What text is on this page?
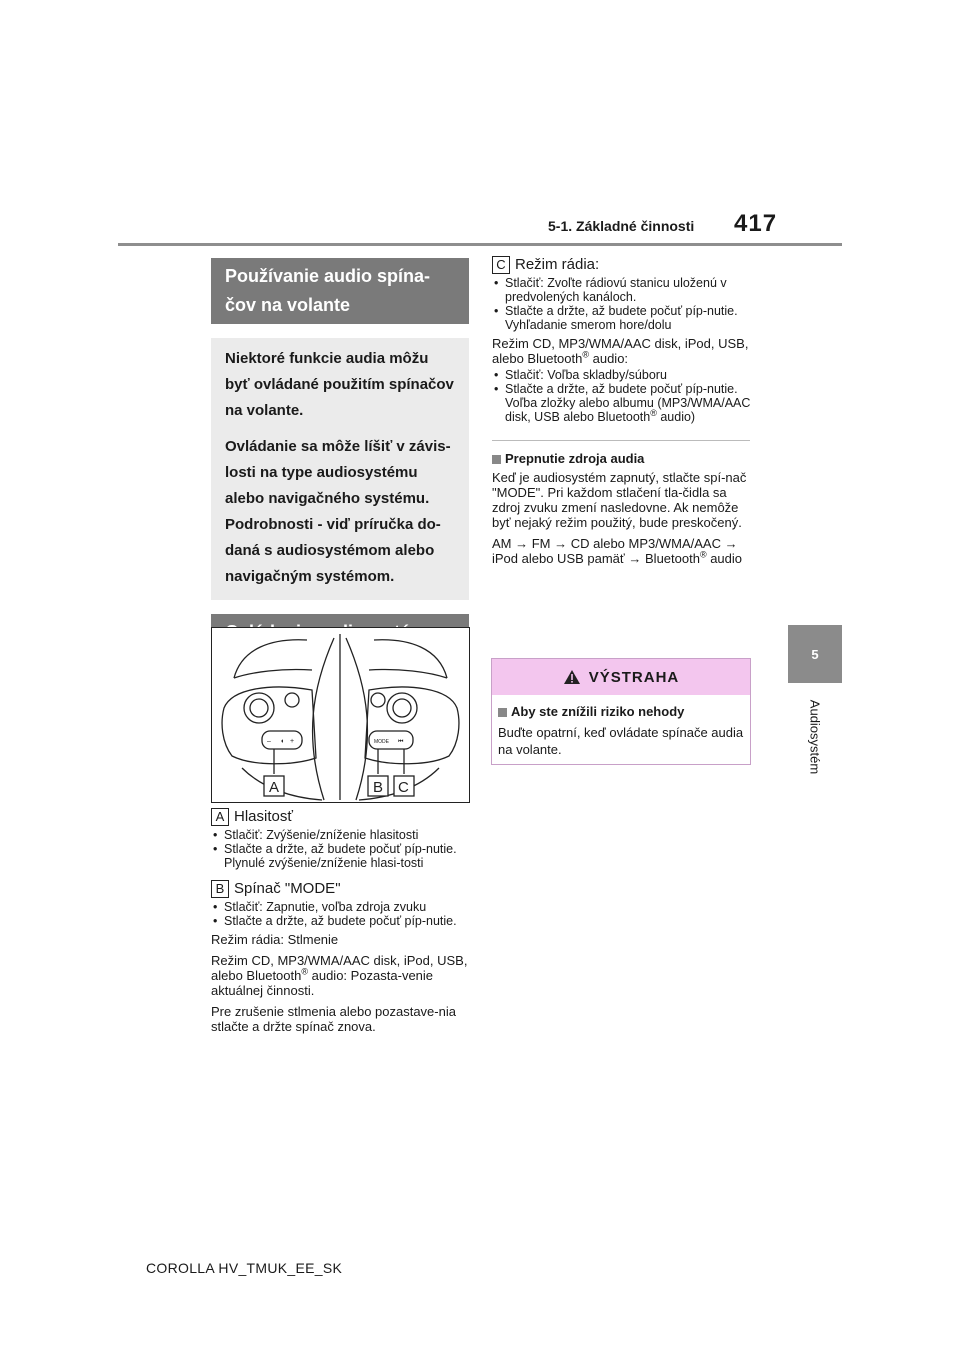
5-1. Základné činnosti 417
5
Audiosystém
Používanie audio spína-
čov na volante

Niektoré funkcie audia môžu byť ovládané použitím spínačov na volante.

Ovládanie sa môže líšiť v závis-losti na type audiosystému alebo navigačného systému. Podrobnosti - viď príručka do-daná s audiosystémom alebo navigačným systémom.

– ◖ +	MODE ⏮
A	B C
A Hlasitosť
• Stlačiť: Zvýšenie/zníženie hlasitosti
• Stlačte a držte, až budete počuť píp-nutie. Plynulé zvýšenie/zníženie hlasi-tosti
B Spínač "MODE"
• Stlačiť: Zapnutie, voľba zdroja zvuku
• Stlačte a držte, až budete počuť píp-nutie.

Režim rádia: Stlmenie

Režim CD, MP3/WMA/AAC disk, iPod, USB, alebo Bluetooth® audio: Pozasta-venie aktuálnej činnosti.

Pre zrušenie stlmenia alebo pozastave-nia stlačte a držte spínač znova.

C Režim rádia:
• Stlačiť: Zvoľte rádiovú stanicu uloženú v predvolených kanáloch.
• Stlačte a držte, až budete počuť píp-nutie. Vyhľadanie smerom hore/dolu

Režim CD, MP3/WMA/AAC disk, iPod, USB, alebo Bluetooth® audio:

• Stlačiť: Voľba skladby/súboru
• Stlačte a držte, až budete počuť píp-nutie. Voľba zložky alebo albumu (MP3/WMA/AAC disk, USB alebo Bluetooth® audio)
Prepnutie zdroja audia

Keď je audiosystém zapnutý, stlačte spí-nač "MODE". Pri každom stlačení tla-čidla sa zdroj zvuku zmení nasledovne. Ak nemôže byť nejaký režim použitý, bude preskočený.

AM → FM → CD alebo MP3/WMA/AAC → iPod alebo USB pamäť → Bluetooth® audio

VÝSTRAHA
Aby ste znížili riziko nehody
Buďte opatrní, keď ovládate spínače audia na volante.
COROLLA HV_TMUK_EE_SK
